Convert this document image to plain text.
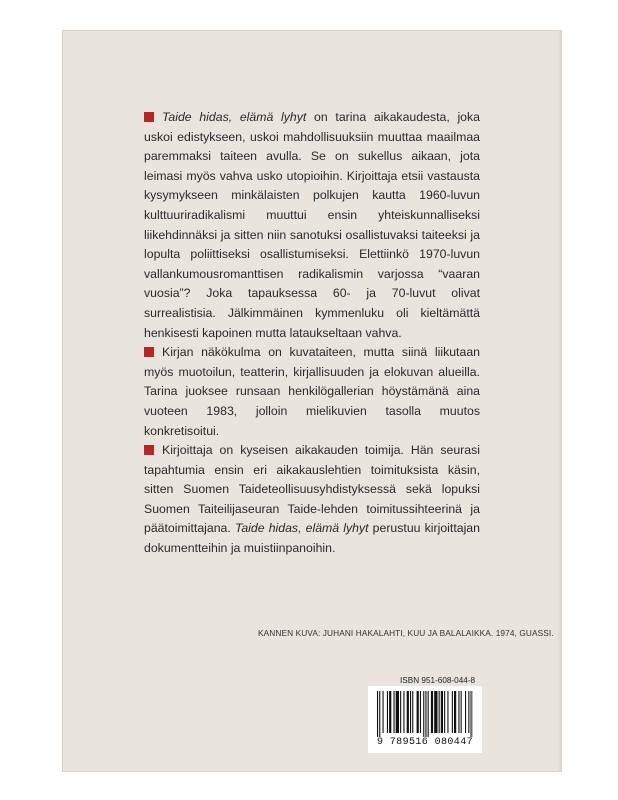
Taide hidas, elämä lyhyt on tarina aikakaudesta, joka uskoi edistykseen, uskoi mahdollisuuksiin muuttaa maailmaa paremmaksi taiteen avulla. Se on sukellus aikaan, jota leimasi myös vahva usko utopioihin. Kirjoittaja etsii vastausta kysymykseen minkälaisten polkujen kautta 1960-luvun kulttuuriradikalismi muuttui ensin yhteiskunnalliseksi liikehdinnäksi ja sitten niin sanotuksi osallistuvaksi taiteeksi ja lopulta poliittiseksi osallistumiseksi. Elettiinkö 1970-luvun vallankumousromanttisen radikalismin varjossa “vaaran vuosia”? Joka tapauksessa 60- ja 70-luvut olivat surrealistisia. Jälkimmäinen kymmenluku oli kieltämättä henkisesti kapoinen mutta lataukseltaan vahva.

Kirjan näkökulma on kuvataiteen, mutta siinä liikutaan myös muotoilun, teatterin, kirjallisuuden ja elokuvan alueilla. Tarina juoksee runsaan henkilögallerian höystämänä aina vuoteen 1983, jolloin mielikuvien tasolla muutos konkretisoitui.

Kirjoittaja on kyseisen aikakauden toimija. Hän seurasi tapahtumia ensin eri aikakauslehtien toimituksista käsin, sitten Suomen Taideteollisuusyhdistyksessä sekä lopuksi Suomen Taiteilijaseuran Taide-lehden toimitussihteerinä ja päätoimittajana. Taide hidas, elämä lyhyt perustuu kirjoittajan dokumentteihin ja muistiinpanoihin.

KANNEN KUVA: JUHANI HAKALAHTI, KUU JA BALALAIKKA. 1974, GUASSI.
ISBN 951-608-044-8
9 789516 080447
